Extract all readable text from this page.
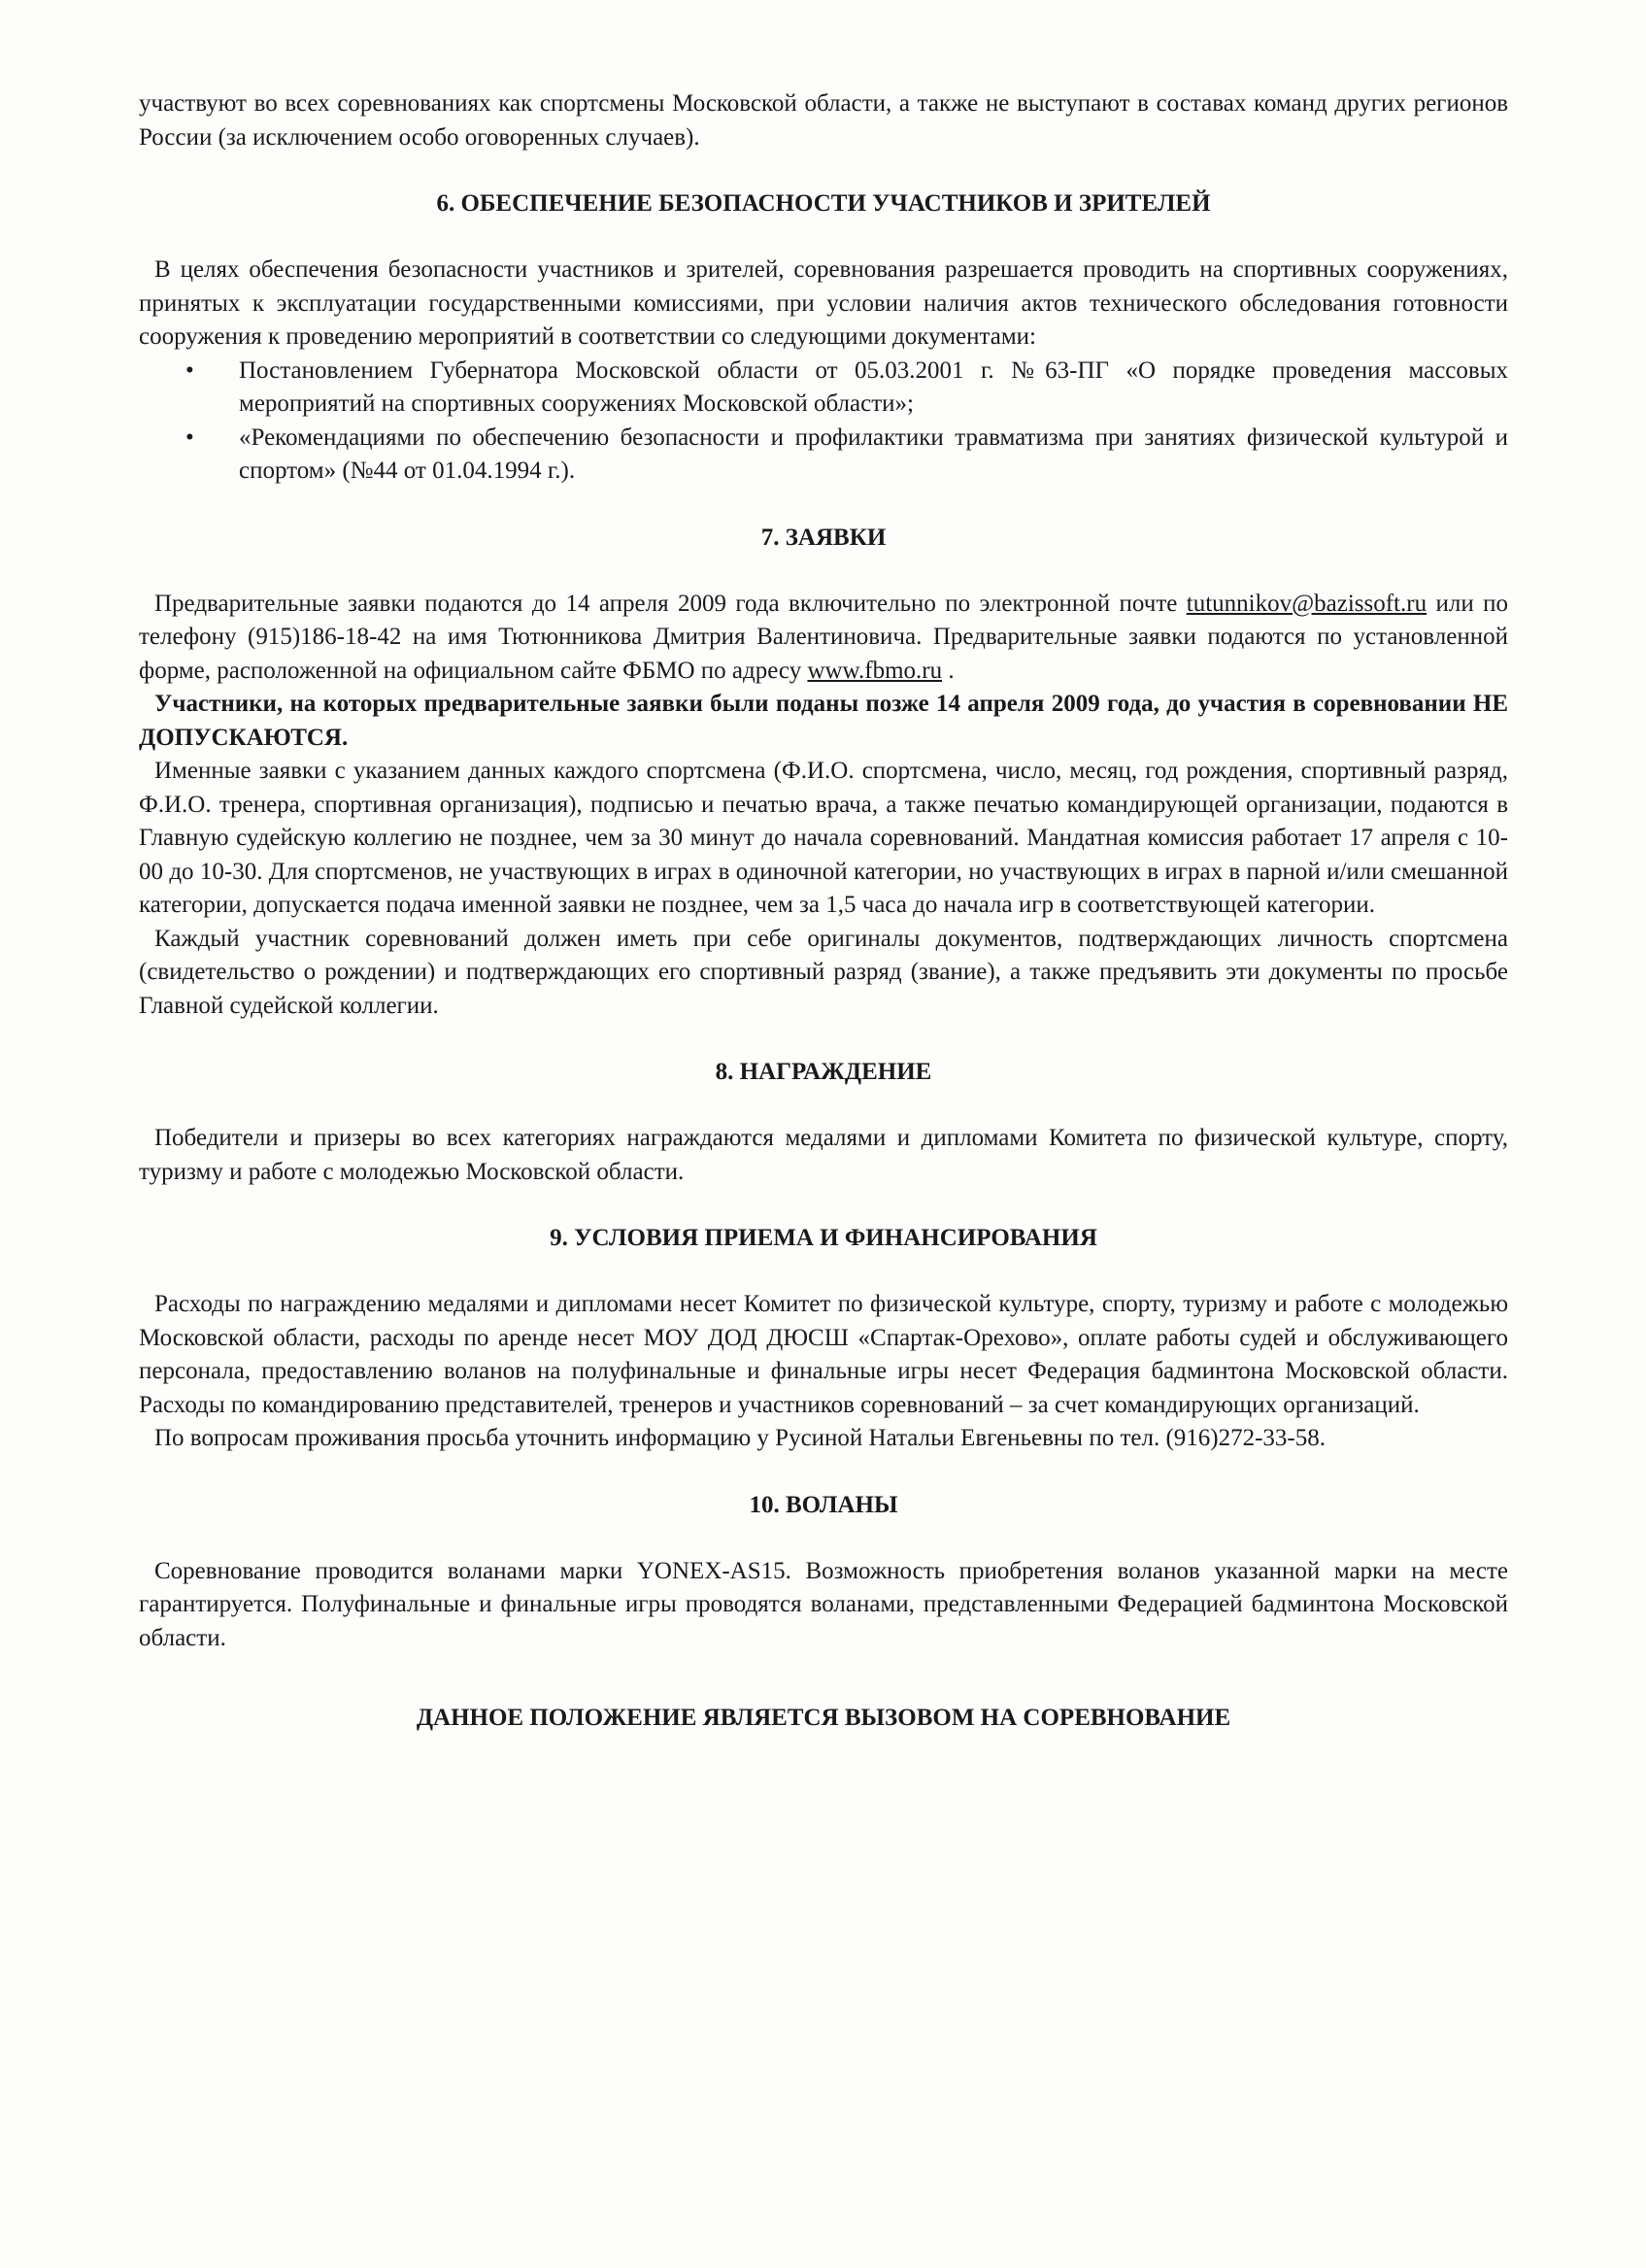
участвуют во всех соревнованиях как спортсмены Московской области, а также не выступают в составах команд других регионов России (за исключением особо оговоренных случаев).

6. ОБЕСПЕЧЕНИЕ БЕЗОПАСНОСТИ УЧАСТНИКОВ И ЗРИТЕЛЕЙ

В целях обеспечения безопасности участников и зрителей, соревнования разрешается проводить на спортивных сооружениях, принятых к эксплуатации государственными комиссиями, при условии наличия актов технического обследования готовности сооружения к проведению мероприятий в соответствии со следующими документами:

• Постановлением Губернатора Московской области от 05.03.2001 г. №63-ПГ «О порядке проведения массовых мероприятий на спортивных сооружениях Московской области»;
• «Рекомендациями по обеспечению безопасности и профилактики травматизма при занятиях физической культурой и спортом» (№44 от 01.04.1994 г.).
7. ЗАЯВКИ

Предварительные заявки подаются до 14 апреля 2009 года включительно по электронной почте tutunnikov@bazissoft.ru или по телефону (915)186-18-42 на имя Тютюнникова Дмитрия Валентиновича. Предварительные заявки подаются по установленной форме, расположенной на официальном сайте ФБМО по адресу www.fbmo.ru .

Участники, на которых предварительные заявки были поданы позже 14 апреля 2009 года, до участия в соревновании НЕ ДОПУСКАЮТСЯ.

Именные заявки с указанием данных каждого спортсмена (Ф.И.О. спортсмена, число, месяц, год рождения, спортивный разряд, Ф.И.О. тренера, спортивная организация), подписью и печатью врача, а также печатью командирующей организации, подаются в Главную судейскую коллегию не позднее, чем за 30 минут до начала соревнований. Мандатная комиссия работает 17 апреля с 10-00 до 10-30. Для спортсменов, не участвующих в играх в одиночной категории, но участвующих в играх в парной и/или смешанной категории, допускается подача именной заявки не позднее, чем за 1,5 часа до начала игр в соответствующей категории.

Каждый участник соревнований должен иметь при себе оригиналы документов, подтверждающих личность спортсмена (свидетельство о рождении) и подтверждающих его спортивный разряд (звание), а также предъявить эти документы по просьбе Главной судейской коллегии.

8. НАГРАЖДЕНИЕ

Победители и призеры во всех категориях награждаются медалями и дипломами Комитета по физической культуре, спорту, туризму и работе с молодежью Московской области.

9. УСЛОВИЯ ПРИЕМА И ФИНАНСИРОВАНИЯ

Расходы по награждению медалями и дипломами несет Комитет по физической культуре, спорту, туризму и работе с молодежью Московской области, расходы по аренде несет МОУ ДОД ДЮСШ «Спартак-Орехово», оплате работы судей и обслуживающего персонала, предоставлению воланов на полуфинальные и финальные игры несет Федерация бадминтона Московской области. Расходы по командированию представителей, тренеров и участников соревнований – за счет командирующих организаций.

По вопросам проживания просьба уточнить информацию у Русиной Натальи Евгеньевны по тел. (916)272-33-58.

10. ВОЛАНЫ

Соревнование проводится воланами марки YONEX-AS15. Возможность приобретения воланов указанной марки на месте гарантируется. Полуфинальные и финальные игры проводятся воланами, представленными Федерацией бадминтона Московской области.

ДАННОЕ ПОЛОЖЕНИЕ ЯВЛЯЕТСЯ ВЫЗОВОМ НА СОРЕВНОВАНИЕ
